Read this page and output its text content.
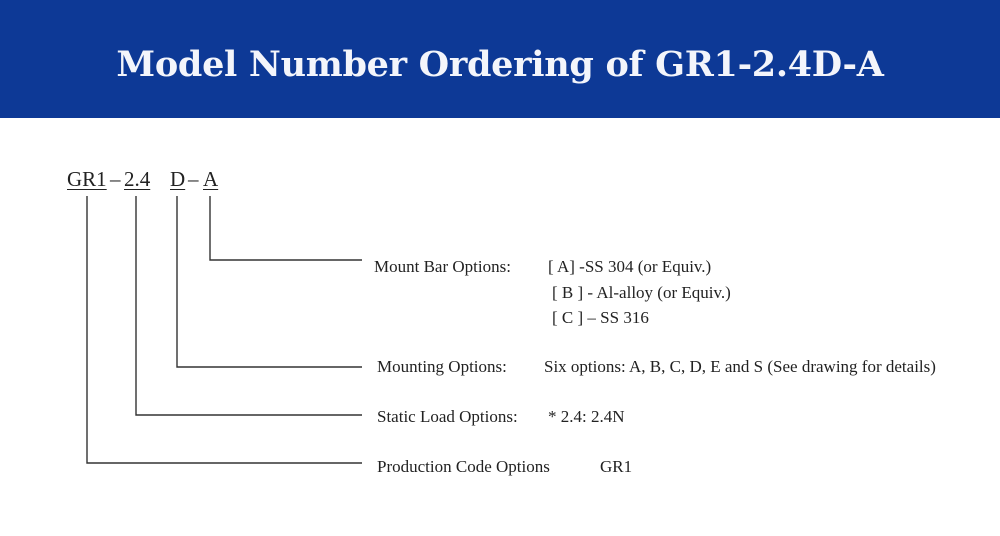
Model Number Ordering of GR1-2.4D-A
GR1 – 2.4 D – A
Mount Bar Options: [ A] -SS 304 (or Equiv.)
[ B ] - Al-alloy (or Equiv.)
[ C ] – SS 316
Mounting Options: Six options: A, B, C, D, E and S (See drawing for details)
Static Load Options: * 2.4: 2.4N
Production Code Options	GR1
